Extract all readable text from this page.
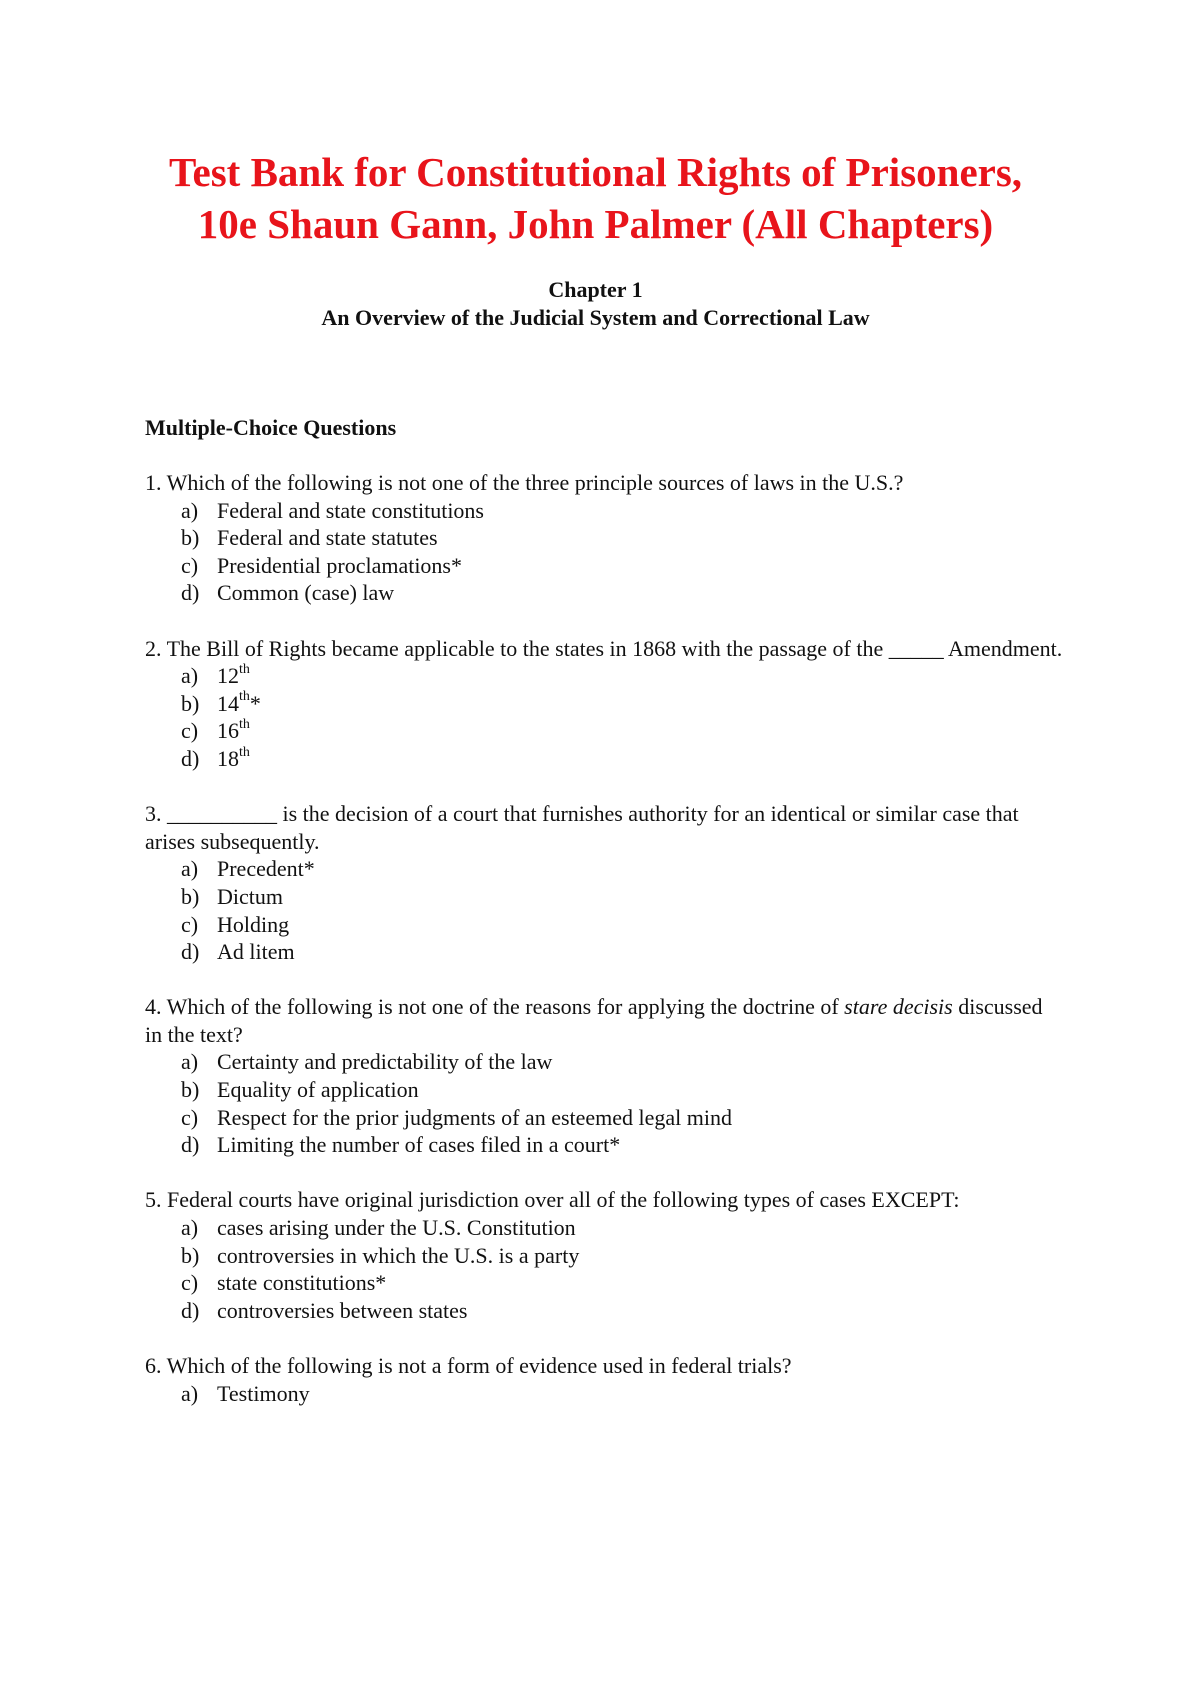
Test Bank for Constitutional Rights of Prisoners,
10e Shaun Gann, John Palmer (All Chapters)
Chapter 1
An Overview of the Judicial System and Correctional Law
Multiple-Choice Questions

1. Which of the following is not one of the three principle sources of laws in the U.S.?

a) Federal and state constitutions
b) Federal and state statutes
c) Presidential proclamations*
d) Common (case) law

2. The Bill of Rights became applicable to the states in 1868 with the passage of the _____ Amendment.

a) 12th
b) 14th*
c) 16th
d) 18th

3. __________ is the decision of a court that furnishes authority for an identical or similar case that arises subsequently.

a) Precedent*
b) Dictum
c) Holding
d) Ad litem

4. Which of the following is not one of the reasons for applying the doctrine of stare decisis discussed in the text?

a) Certainty and predictability of the law
b) Equality of application
c) Respect for the prior judgments of an esteemed legal mind
d) Limiting the number of cases filed in a court*

5. Federal courts have original jurisdiction over all of the following types of cases EXCEPT:

a) cases arising under the U.S. Constitution
b) controversies in which the U.S. is a party
c) state constitutions*
d) controversies between states

6. Which of the following is not a form of evidence used in federal trials?

a) Testimony
